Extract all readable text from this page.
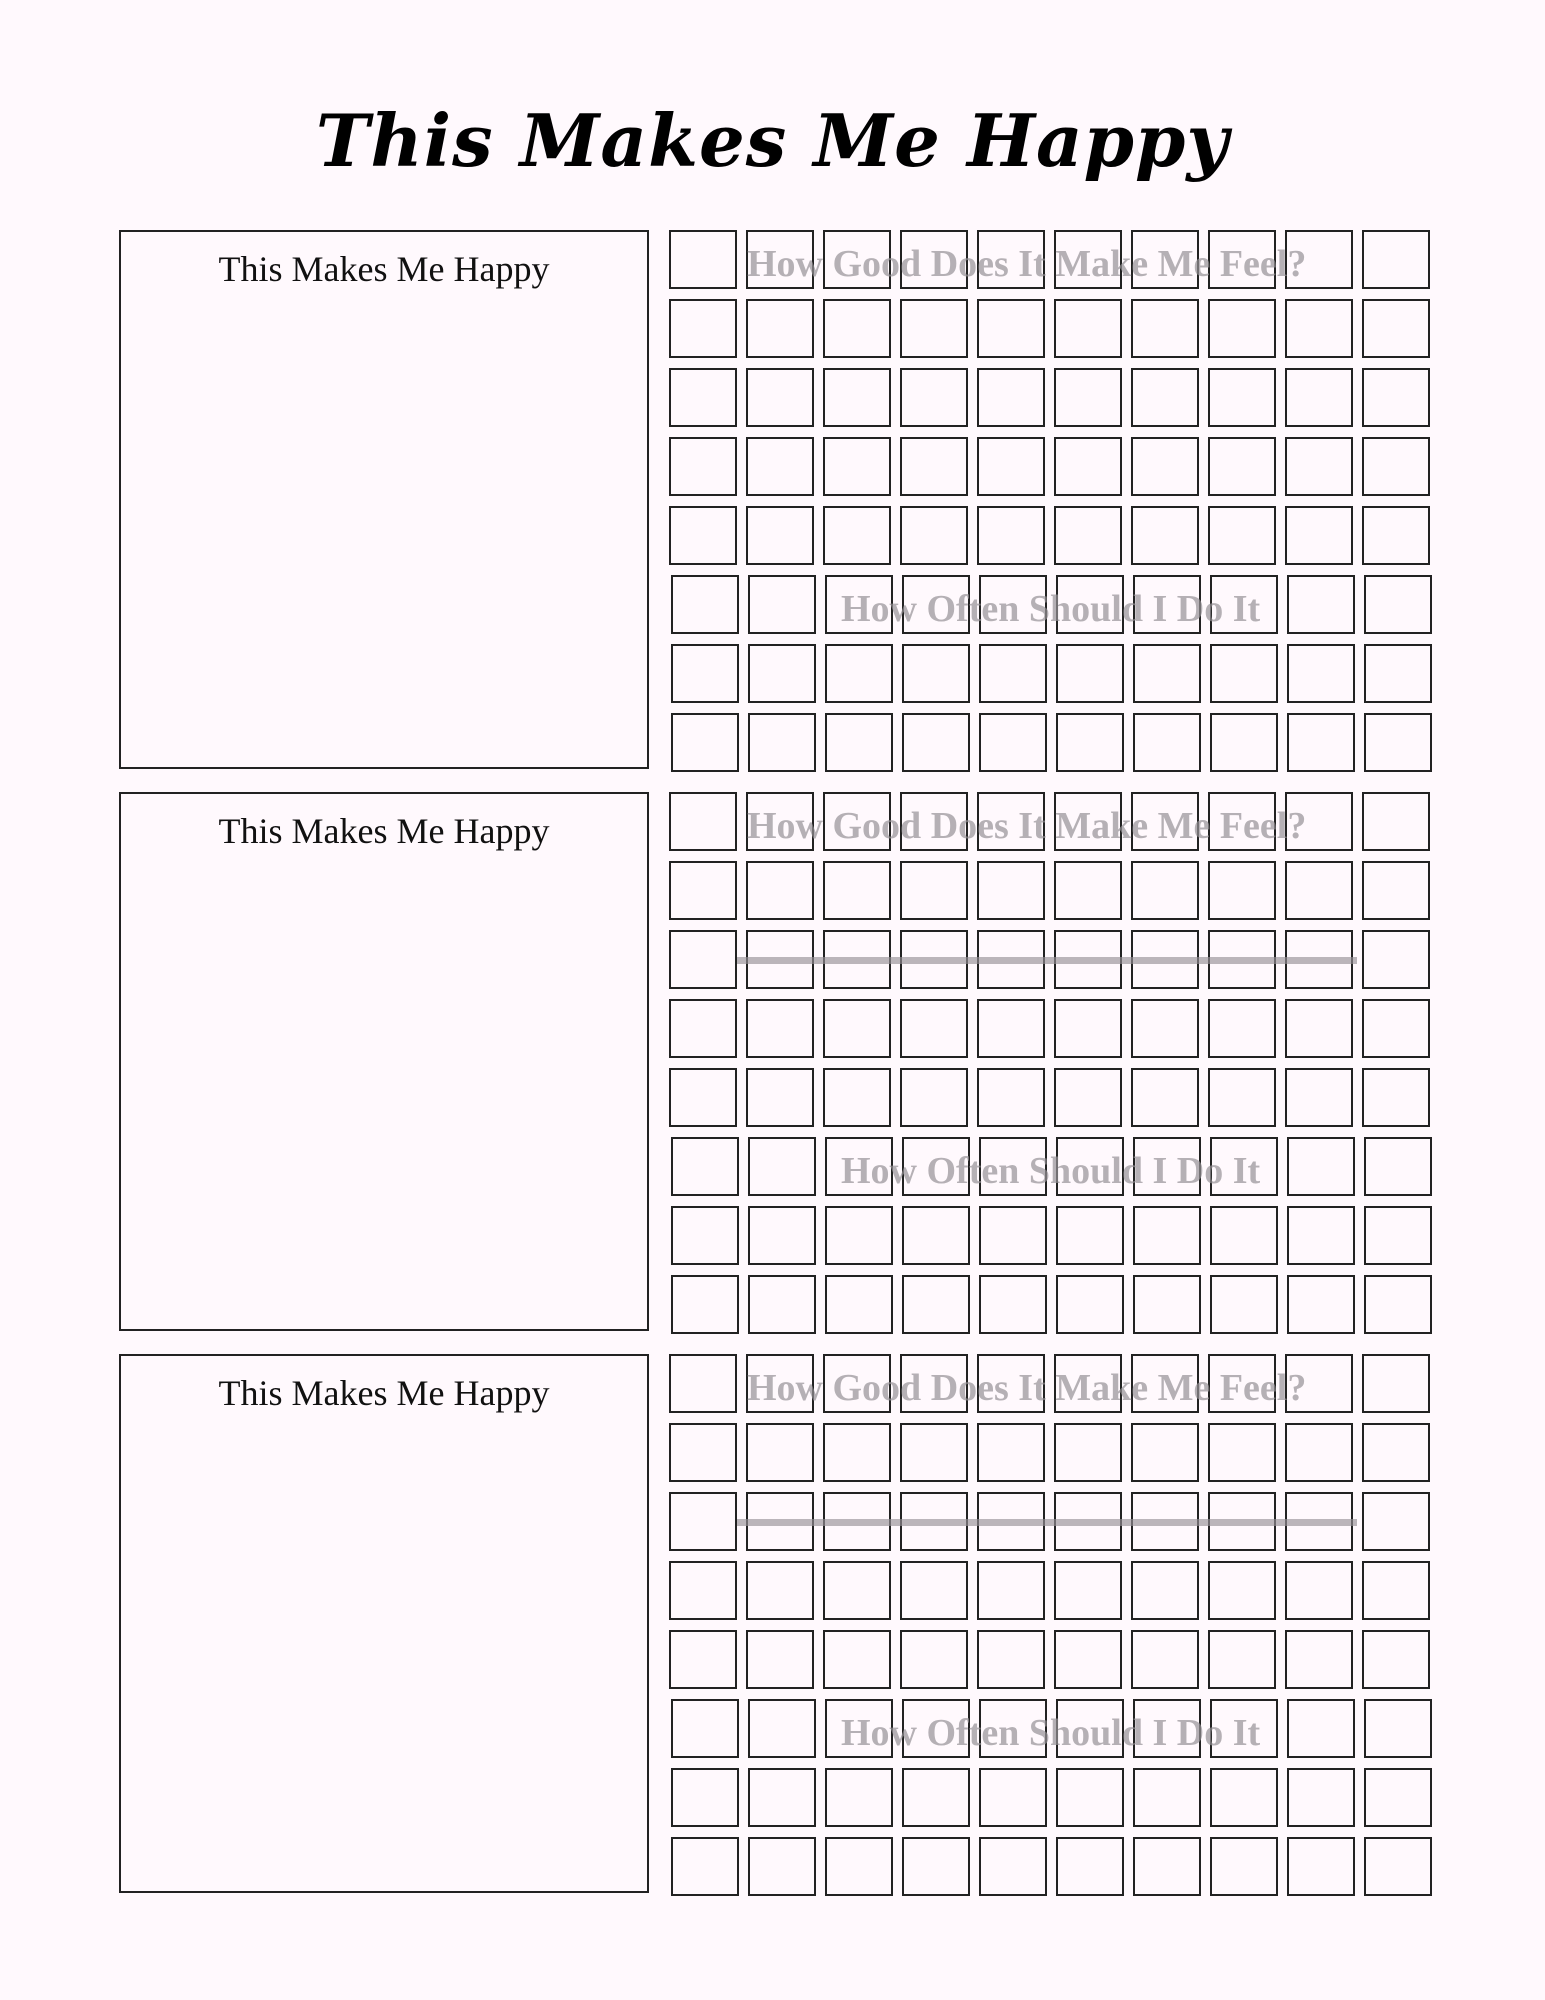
This Makes Me Happy
This Makes Me Happy	How Good Does It Make Me Feel?
How Often Should I Do It
This Makes Me Happy	How Good Does It Make Me Feel?
How Often Should I Do It
This Makes Me Happy	How Good Does It Make Me Feel?
How Often Should I Do It
